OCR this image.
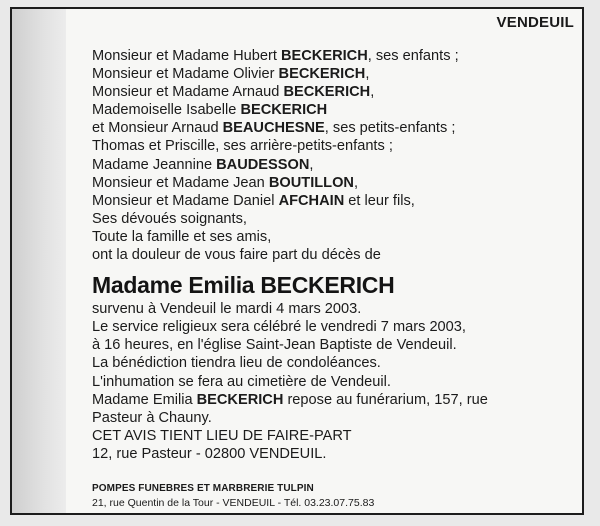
VENDEUIL
Monsieur et Madame Hubert BECKERICH, ses enfants ;
Monsieur et Madame Olivier BECKERICH,
Monsieur et Madame Arnaud BECKERICH,
Mademoiselle Isabelle BECKERICH
et Monsieur Arnaud BEAUCHESNE, ses petits-enfants ;
Thomas et Priscille, ses arrière-petits-enfants ;
Madame Jeannine BAUDESSON,
Monsieur et Madame Jean BOUTILLON,
Monsieur et Madame Daniel AFCHAIN et leur fils,
Ses dévoués soignants,
Toute la famille et ses amis,
ont la douleur de vous faire part du décès de
Madame Emilia BECKERICH
survenu à Vendeuil le mardi 4 mars 2003.
Le service religieux sera célébré le vendredi 7 mars 2003,
à 16 heures, en l'église Saint-Jean Baptiste de Vendeuil.
La bénédiction tiendra lieu de condoléances.
L'inhumation se fera au cimetière de Vendeuil.
Madame Emilia BECKERICH repose au funérarium, 157, rue
Pasteur à Chauny.
CET AVIS TIENT LIEU DE FAIRE-PART
12, rue Pasteur - 02800 VENDEUIL.
POMPES FUNEBRES ET MARBRERIE TULPIN
21, rue Quentin de la Tour - VENDEUIL - Tél. 03.23.07.75.83
